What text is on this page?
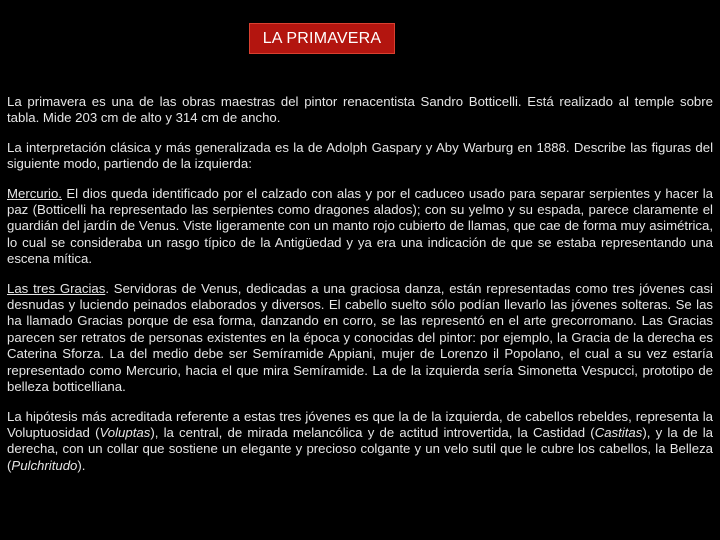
LA PRIMAVERA

La primavera es una de las obras maestras del pintor renacentista Sandro Botticelli. Está realizado al temple sobre tabla. Mide 203 cm de alto y 314 cm de ancho.

La interpretación clásica y más generalizada es la de Adolph Gaspary y Aby Warburg en 1888. Describe las figuras del siguiente modo, partiendo de la izquierda:

Mercurio. El dios queda identificado por el calzado con alas y por el caduceo usado para separar serpientes y hacer la paz (Botticelli ha representado las serpientes como dragones alados); con su yelmo y su espada, parece claramente el guardián del jardín de Venus. Viste ligeramente con un manto rojo cubierto de llamas, que cae de forma muy asimétrica, lo cual se consideraba un rasgo típico de la Antigüedad y ya era una indicación de que se estaba representando una escena mítica.

Las tres Gracias. Servidoras de Venus, dedicadas a una graciosa danza, están representadas como tres jóvenes casi desnudas y luciendo peinados elaborados y diversos. El cabello suelto sólo podían llevarlo las jóvenes solteras. Se las ha llamado Gracias porque de esa forma, danzando en corro, se las representó en el arte grecorromano. Las Gracias parecen ser retratos de personas existentes en la época y conocidas del pintor: por ejemplo, la Gracia de la derecha es Caterina Sforza. La del medio debe ser Semíramide Appiani, mujer de Lorenzo il Popolano, el cual a su vez estaría representado como Mercurio, hacia el que mira Semíramide. La de la izquierda sería Simonetta Vespucci, prototipo de belleza botticelliana.

La hipótesis más acreditada referente a estas tres jóvenes es que la de la izquierda, de cabellos rebeldes, representa la Voluptuosidad (Voluptas), la central, de mirada melancólica y de actitud introvertida, la Castidad (Castitas), y la de la derecha, con un collar que sostiene un elegante y precioso colgante y un velo sutil que le cubre los cabellos, la Belleza (Pulchritudo).
